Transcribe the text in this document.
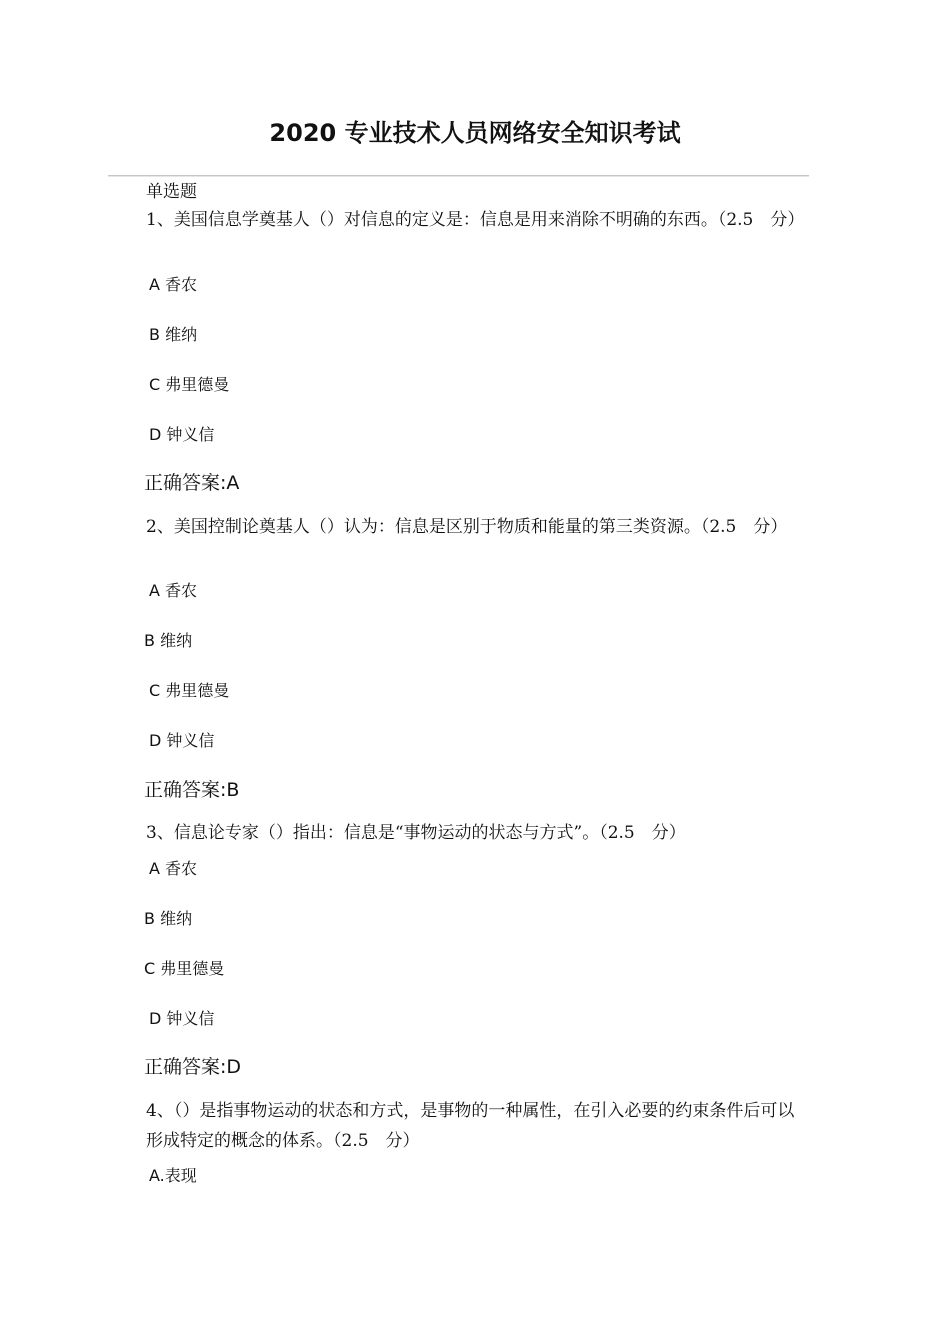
2020 专业技术人员网络安全知识考试
单选题

1、美国信息学奠基人（）对信息的定义是：信息是用来消除不明确的东西。（2.5　分）

A 香农

B 维纳

C 弗里德曼

D 钟义信

正确答案:A

2、美国控制论奠基人（）认为：信息是区别于物质和能量的第三类资源。（2.5　分）

A 香农

B 维纳

C 弗里德曼

D 钟义信

正确答案:B

3、信息论专家（）指出：信息是“事物运动的状态与方式”。（2.5　分）

A 香农

B 维纳

C 弗里德曼

D 钟义信

正确答案:D

4、（）是指事物运动的状态和方式，是事物的一种属性，在引入必要的约束条件后可以形成特定的概念的体系。（2.5　分）

A.表现
